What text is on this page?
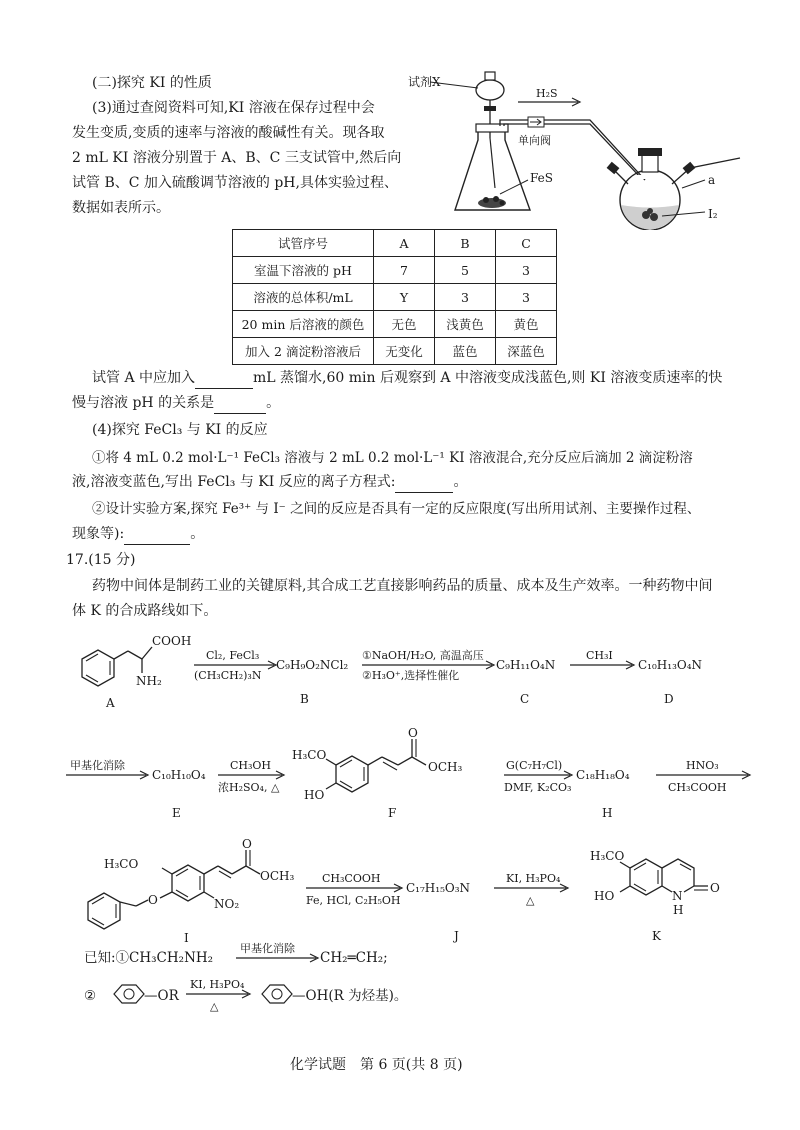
(二)探究 KI 的性质
(3)通过查阅资料可知,KI 溶液在保存过程中会
发生变质,变质的速率与溶液的酸碱性有关。现各取
2 mL KI 溶液分别置于 A、B、C 三支试管中,然后向
试管 B、C 加入硫酸调节溶液的 pH,具体实验过程、
数据如表所示。
试剂X
FeS
单向阀
H₂S
a
I₂
试管序号	A	B	C
室温下溶液的 pH	7	5	3
溶液的总体积/mL	Y	3	3
20 min 后溶液的颜色	无色	浅黄色	黄色
加入 2 滴淀粉溶液后	无变化	蓝色	深蓝色
试管 A 中应加入	mL 蒸馏水,60 min 后观察到 A 中溶液变成浅蓝色,则 KI 溶液变质速率的快
慢与溶液 pH 的关系是	。
(4)探究 FeCl₃ 与 KI 的反应
①将 4 mL 0.2 mol·L⁻¹ FeCl₃ 溶液与 2 mL 0.2 mol·L⁻¹ KI 溶液混合,充分反应后滴加 2 滴淀粉溶
液,溶液变蓝色,写出 FeCl₃ 与 KI 反应的离子方程式:	。
②设计实验方案,探究 Fe³⁺ 与 I⁻ 之间的反应是否具有一定的反应限度(写出所用试剂、主要操作过程、
现象等):	。
17.(15 分)
药物中间体是制药工业的关键原料,其合成工艺直接影响药品的质量、成本及生产效率。一种药物中间
体 K 的合成路线如下。
COOH
NH₂
A
Cl₂, FeCl₃
(CH₃CH₂)₃N
C₉H₉O₂NCl₂
B
①NaOH/H₂O, 高温高压
②H₃O⁺,选择性催化
C₉H₁₁O₄N
C
CH₃I
C₁₀H₁₃O₄N
D
甲基化消除
C₁₀H₁₀O₄
E
CH₃OH
浓H₂SO₄, △
H₃CO
HO
O
OCH₃
F
G(C₇H₇Cl)
DMF, K₂CO₃
C₁₈H₁₈O₄
H
HNO₃
CH₃COOH
H₃CO
O	NO₂
O
OCH₃
I
CH₃COOH
Fe, HCl, C₂H₅OH
C₁₇H₁₅O₃N
J
KI, H₃PO₄
△	N
H
O
H₃CO
HO
K
已知:①CH₃CH₂NH₂
甲基化消除
CH₂═CH₂;
②	—OR
KI, H₃PO₄
△
—OH(R 为烃基)。
化学试题　第 6 页(共 8 页)
